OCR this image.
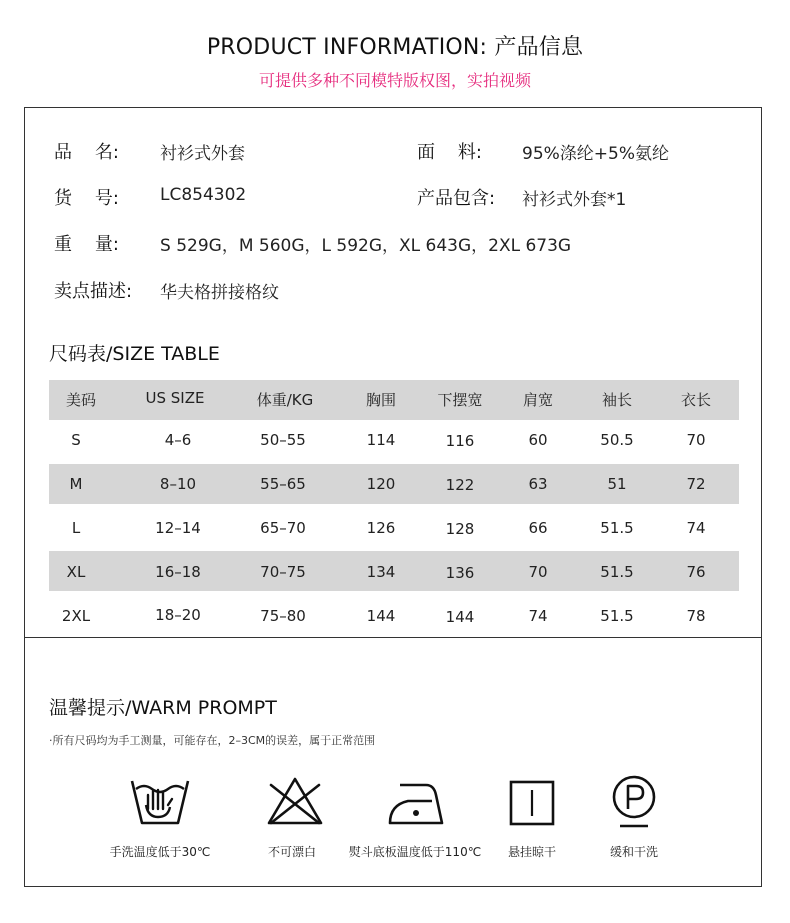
PRODUCT INFORMATION: 产品信息
可提供多种不同模特版权图，实拍视频
品    名: 衬衫式外套	面    料: 95%涤纶+5%氨纶
货    号: LC854302	产品包含: 衬衫式外套*1
重    量: S 529G，M 560G，L 592G，XL 643G，2XL 673G
卖点描述: 华夫格拼接格纹
尺码表/SIZE TABLE
美码	US SIZE	体重/KG	胸围	下摆宽	肩宽	袖长	衣长
S	4–6	50–55	114	116	60	50.5	70
M	8–10	55–65	120	122	63	51	72
L	12–14	65–70	126	128	66	51.5	74
XL	16–18	70–75	134	136	70	51.5	76
2XL	18–20	75–80	144	144	74	51.5	78
温馨提示/WARM PROMPT
·所有尺码均为手工测量，可能存在，2–3CM的误差，属于正常范围
手洗温度低于30℃	不可漂白	熨斗底板温度低于110℃	悬挂晾干	缓和干洗
